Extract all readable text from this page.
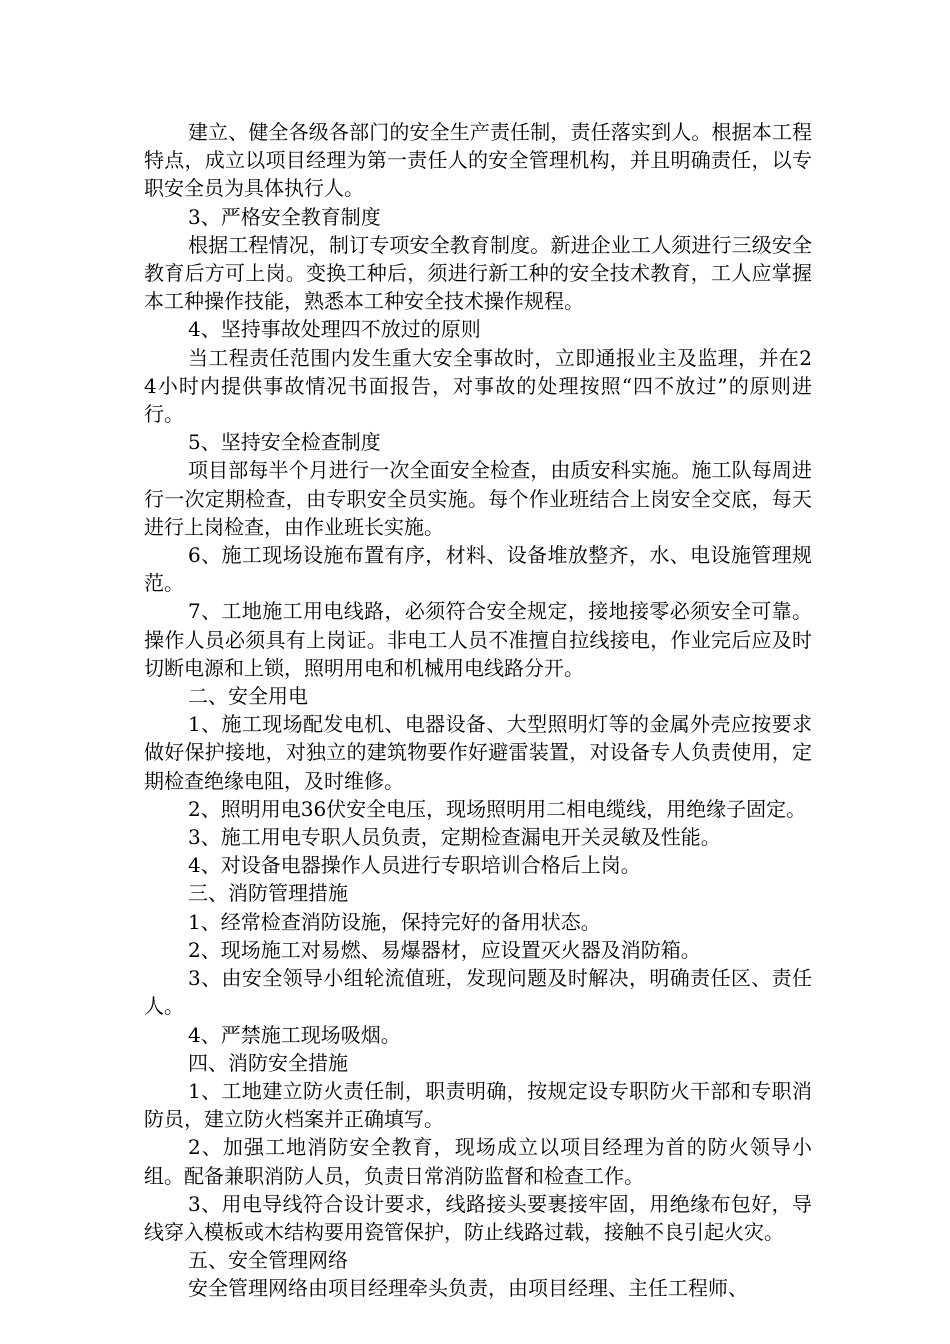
建立、健全各级各部门的安全生产责任制，责任落实到人。根据本工程特点，成立以项目经理为第一责任人的安全管理机构，并且明确责任，以专职安全员为具体执行人。

3、严格安全教育制度

根据工程情况，制订专项安全教育制度。新进企业工人须进行三级安全教育后方可上岗。变换工种后，须进行新工种的安全技术教育，工人应掌握本工种操作技能，熟悉本工种安全技术操作规程。

4、坚持事故处理四不放过的原则

当工程责任范围内发生重大安全事故时，立即通报业主及监理，并在24小时内提供事故情况书面报告，对事故的处理按照“四不放过”的原则进行。

5、坚持安全检查制度

项目部每半个月进行一次全面安全检查，由质安科实施。施工队每周进行一次定期检查，由专职安全员实施。每个作业班结合上岗安全交底，每天进行上岗检查，由作业班长实施。

6、施工现场设施布置有序，材料、设备堆放整齐，水、电设施管理规范。

7、工地施工用电线路，必须符合安全规定，接地接零必须安全可靠。操作人员必须具有上岗证。非电工人员不准擅自拉线接电，作业完后应及时切断电源和上锁，照明用电和机械用电线路分开。

二、安全用电

1、施工现场配发电机、电器设备、大型照明灯等的金属外壳应按要求做好保护接地，对独立的建筑物要作好避雷装置，对设备专人负责使用，定期检查绝缘电阻，及时维修。

2、照明用电36伏安全电压，现场照明用二相电缆线，用绝缘子固定。

3、施工用电专职人员负责，定期检查漏电开关灵敏及性能。

4、对设备电器操作人员进行专职培训合格后上岗。

三、消防管理措施

1、经常检查消防设施，保持完好的备用状态。

2、现场施工对易燃、易爆器材，应设置灭火器及消防箱。

3、由安全领导小组轮流值班，发现问题及时解决，明确责任区、责任人。

4、严禁施工现场吸烟。

四、消防安全措施

1、工地建立防火责任制，职责明确，按规定设专职防火干部和专职消防员，建立防火档案并正确填写。

2、加强工地消防安全教育，现场成立以项目经理为首的防火领导小组。配备兼职消防人员，负责日常消防监督和检查工作。

3、用电导线符合设计要求，线路接头要裹接牢固，用绝缘布包好，导线穿入模板或木结构要用瓷管保护，防止线路过载，接触不良引起火灾。

五、安全管理网络

安全管理网络由项目经理牵头负责，由项目经理、主任工程师、
